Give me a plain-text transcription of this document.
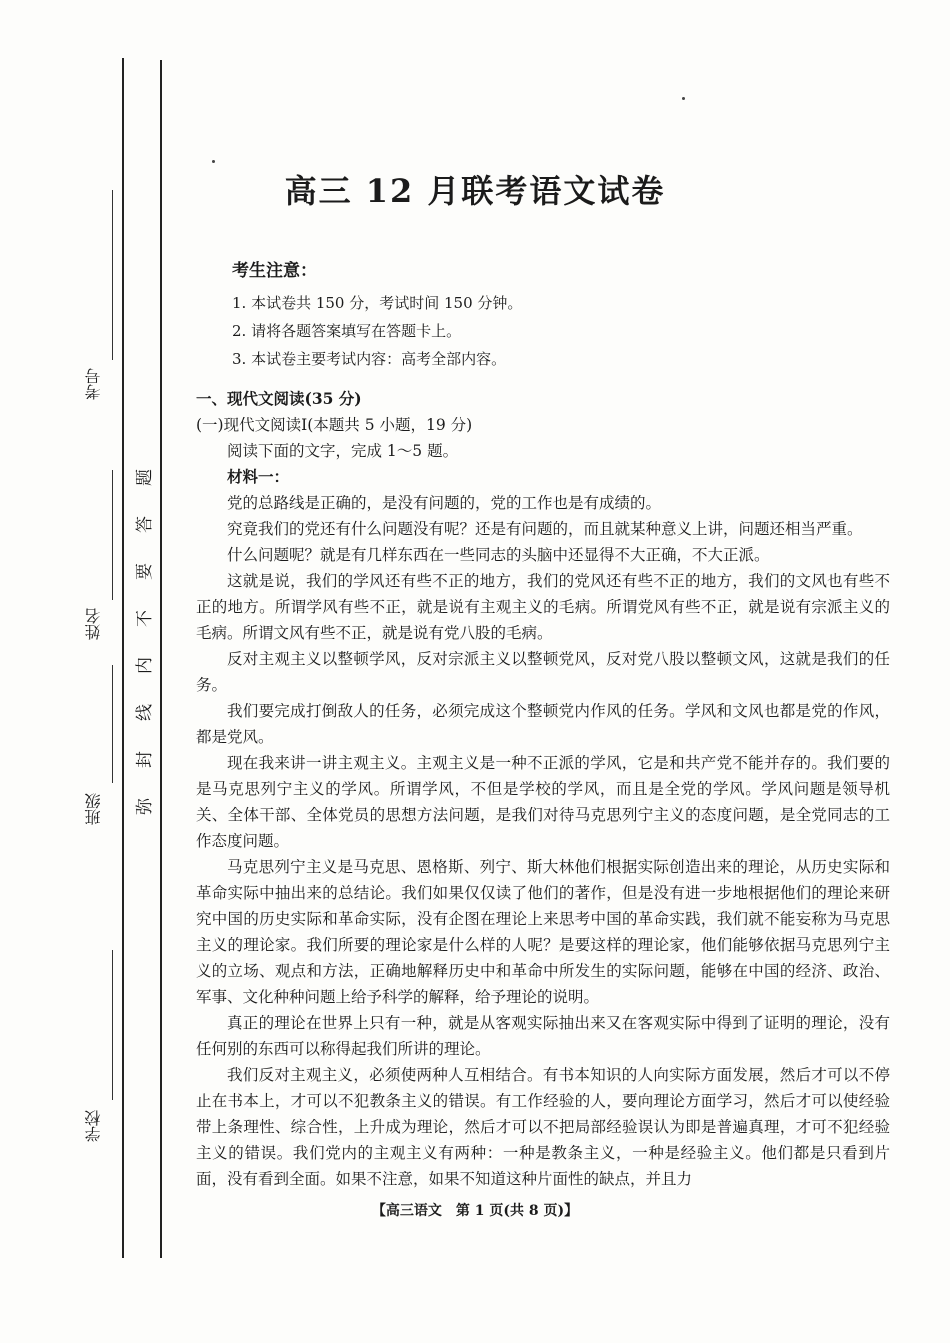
考号
姓名
班级
学校
题
答
要
不
内
线
封
弥
高三 12 月联考语文试卷
考生注意：
1. 本试卷共 150 分，考试时间 150 分钟。
2. 请将各题答案填写在答题卡上。
3. 本试卷主要考试内容：高考全部内容。
一、现代文阅读(35 分)
(一)现代文阅读Ⅰ(本题共 5 小题，19 分)

阅读下面的文字，完成 1～5 题。

材料一：

党的总路线是正确的，是没有问题的，党的工作也是有成绩的。

究竟我们的党还有什么问题没有呢？还是有问题的，而且就某种意义上讲，问题还相当严重。

什么问题呢？就是有几样东西在一些同志的头脑中还显得不大正确，不大正派。

这就是说，我们的学风还有些不正的地方，我们的党风还有些不正的地方，我们的文风也有些不正的地方。所谓学风有些不正，就是说有主观主义的毛病。所谓党风有些不正，就是说有宗派主义的毛病。所谓文风有些不正，就是说有党八股的毛病。

反对主观主义以整顿学风，反对宗派主义以整顿党风，反对党八股以整顿文风，这就是我们的任务。

我们要完成打倒敌人的任务，必须完成这个整顿党内作风的任务。学风和文风也都是党的作风，都是党风。

现在我来讲一讲主观主义。主观主义是一种不正派的学风，它是和共产党不能并存的。我们要的是马克思列宁主义的学风。所谓学风，不但是学校的学风，而且是全党的学风。学风问题是领导机关、全体干部、全体党员的思想方法问题，是我们对待马克思列宁主义的态度问题，是全党同志的工作态度问题。

马克思列宁主义是马克思、恩格斯、列宁、斯大林他们根据实际创造出来的理论，从历史实际和革命实际中抽出来的总结论。我们如果仅仅读了他们的著作，但是没有进一步地根据他们的理论来研究中国的历史实际和革命实际，没有企图在理论上来思考中国的革命实践，我们就不能妄称为马克思主义的理论家。我们所要的理论家是什么样的人呢？是要这样的理论家，他们能够依据马克思列宁主义的立场、观点和方法，正确地解释历史中和革命中所发生的实际问题，能够在中国的经济、政治、军事、文化种种问题上给予科学的解释，给予理论的说明。

真正的理论在世界上只有一种，就是从客观实际抽出来又在客观实际中得到了证明的理论，没有任何别的东西可以称得起我们所讲的理论。

我们反对主观主义，必须使两种人互相结合。有书本知识的人向实际方面发展，然后才可以不停止在书本上，才可以不犯教条主义的错误。有工作经验的人，要向理论方面学习，然后才可以使经验带上条理性、综合性，上升成为理论，然后才可以不把局部经验误认为即是普遍真理，才可不犯经验主义的错误。我们党内的主观主义有两种：一种是教条主义，一种是经验主义。他们都是只看到片面，没有看到全面。如果不注意，如果不知道这种片面性的缺点，并且力

【高三语文　第 1 页(共 8 页)】
